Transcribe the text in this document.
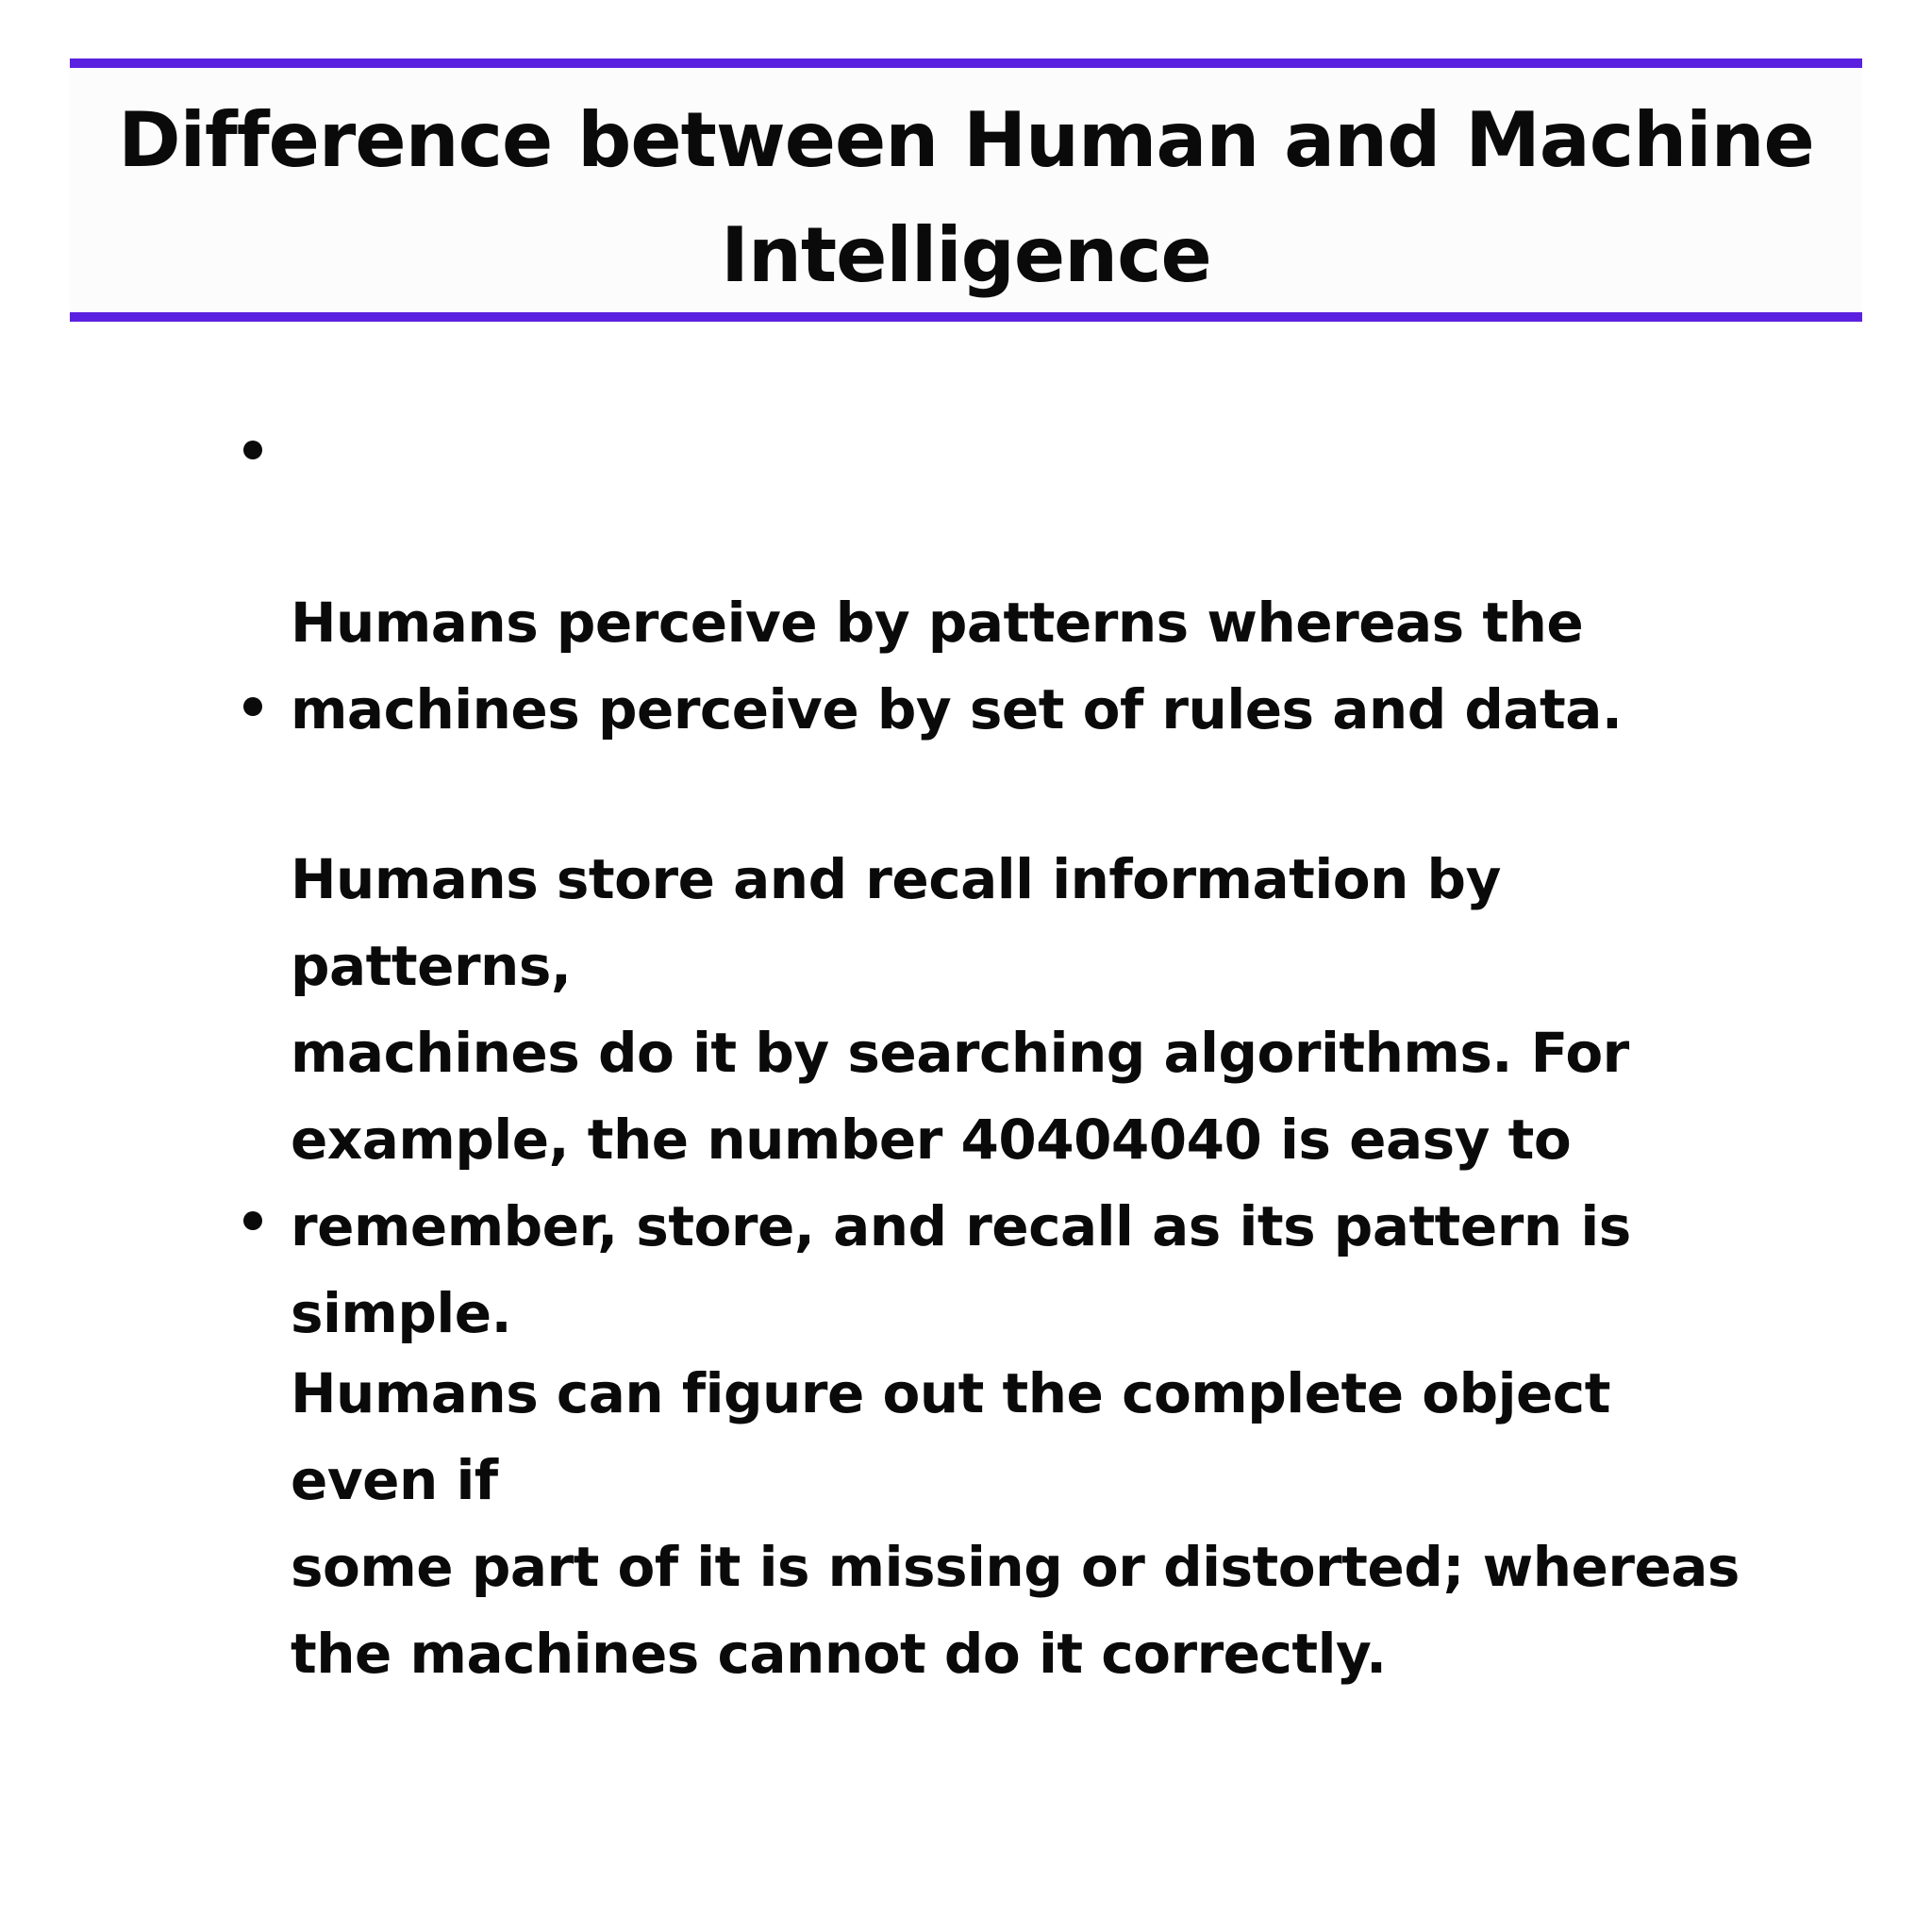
Difference between Human and Machine
Intelligence

Humans perceive by patterns whereas the
machines perceive by set of rules and data.

Humans store and recall information by patterns,
machines do it by searching algorithms. For
example, the number 40404040 is easy to
remember, store, and recall as its pattern is
simple.

Humans can figure out the complete object even if
some part of it is missing or distorted; whereas
the machines cannot do it correctly.
